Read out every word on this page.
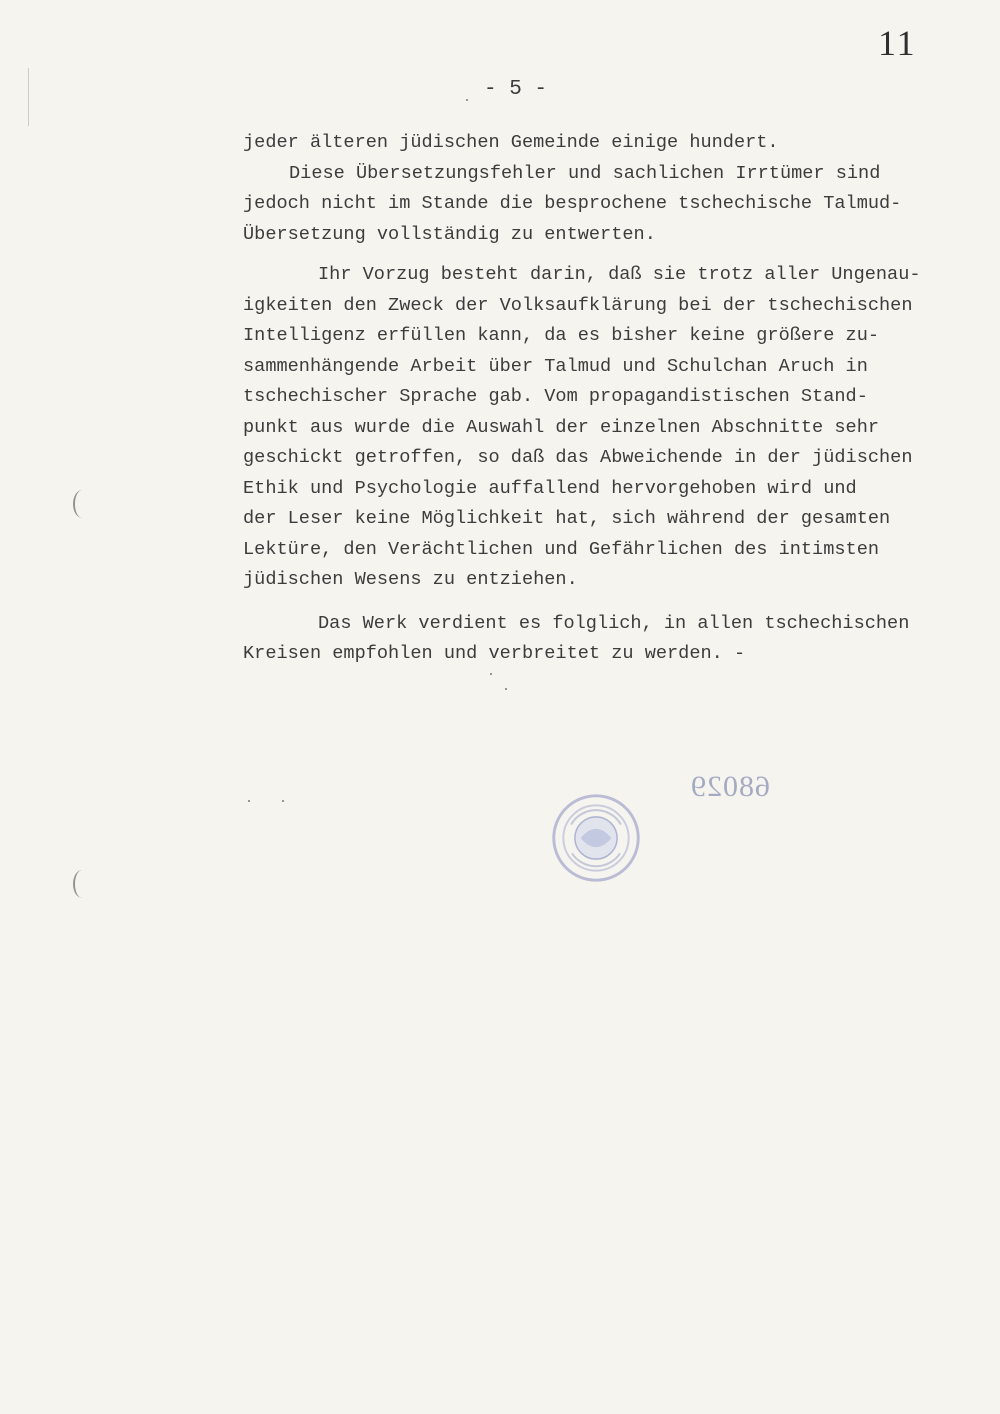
11
- 5 -
jeder älteren jüdischen Gemeinde einige hundert.
Diese Übersetzungsfehler und sachlichen Irrtümer sind
jedoch nicht im Stande die besprochene tschechische Talmud-
Übersetzung vollständig zu entwerten.
Ihr Vorzug besteht darin, daß sie trotz aller Ungenau-
igkeiten den Zweck der Volksaufklärung bei der tschechischen
Intelligenz erfüllen kann, da es bisher keine größere zu-
sammenhängende Arbeit über Talmud und Schulchan Aruch in
tschechischer Sprache gab. Vom propagandistischen Stand-
punkt aus wurde die Auswahl der einzelnen Abschnitte sehr
geschickt getroffen, so daß das Abweichende in der jüdischen
Ethik und Psychologie auffallend hervorgehoben wird und
der Leser keine Möglichkeit hat, sich während der gesamten
Lektüre, den Verächtlichen und Gefährlichen des intimsten
jüdischen Wesens zu entziehen.
Das Werk verdient es folglich, in allen tschechischen
Kreisen empfohlen und verbreitet zu werden. -
68029
